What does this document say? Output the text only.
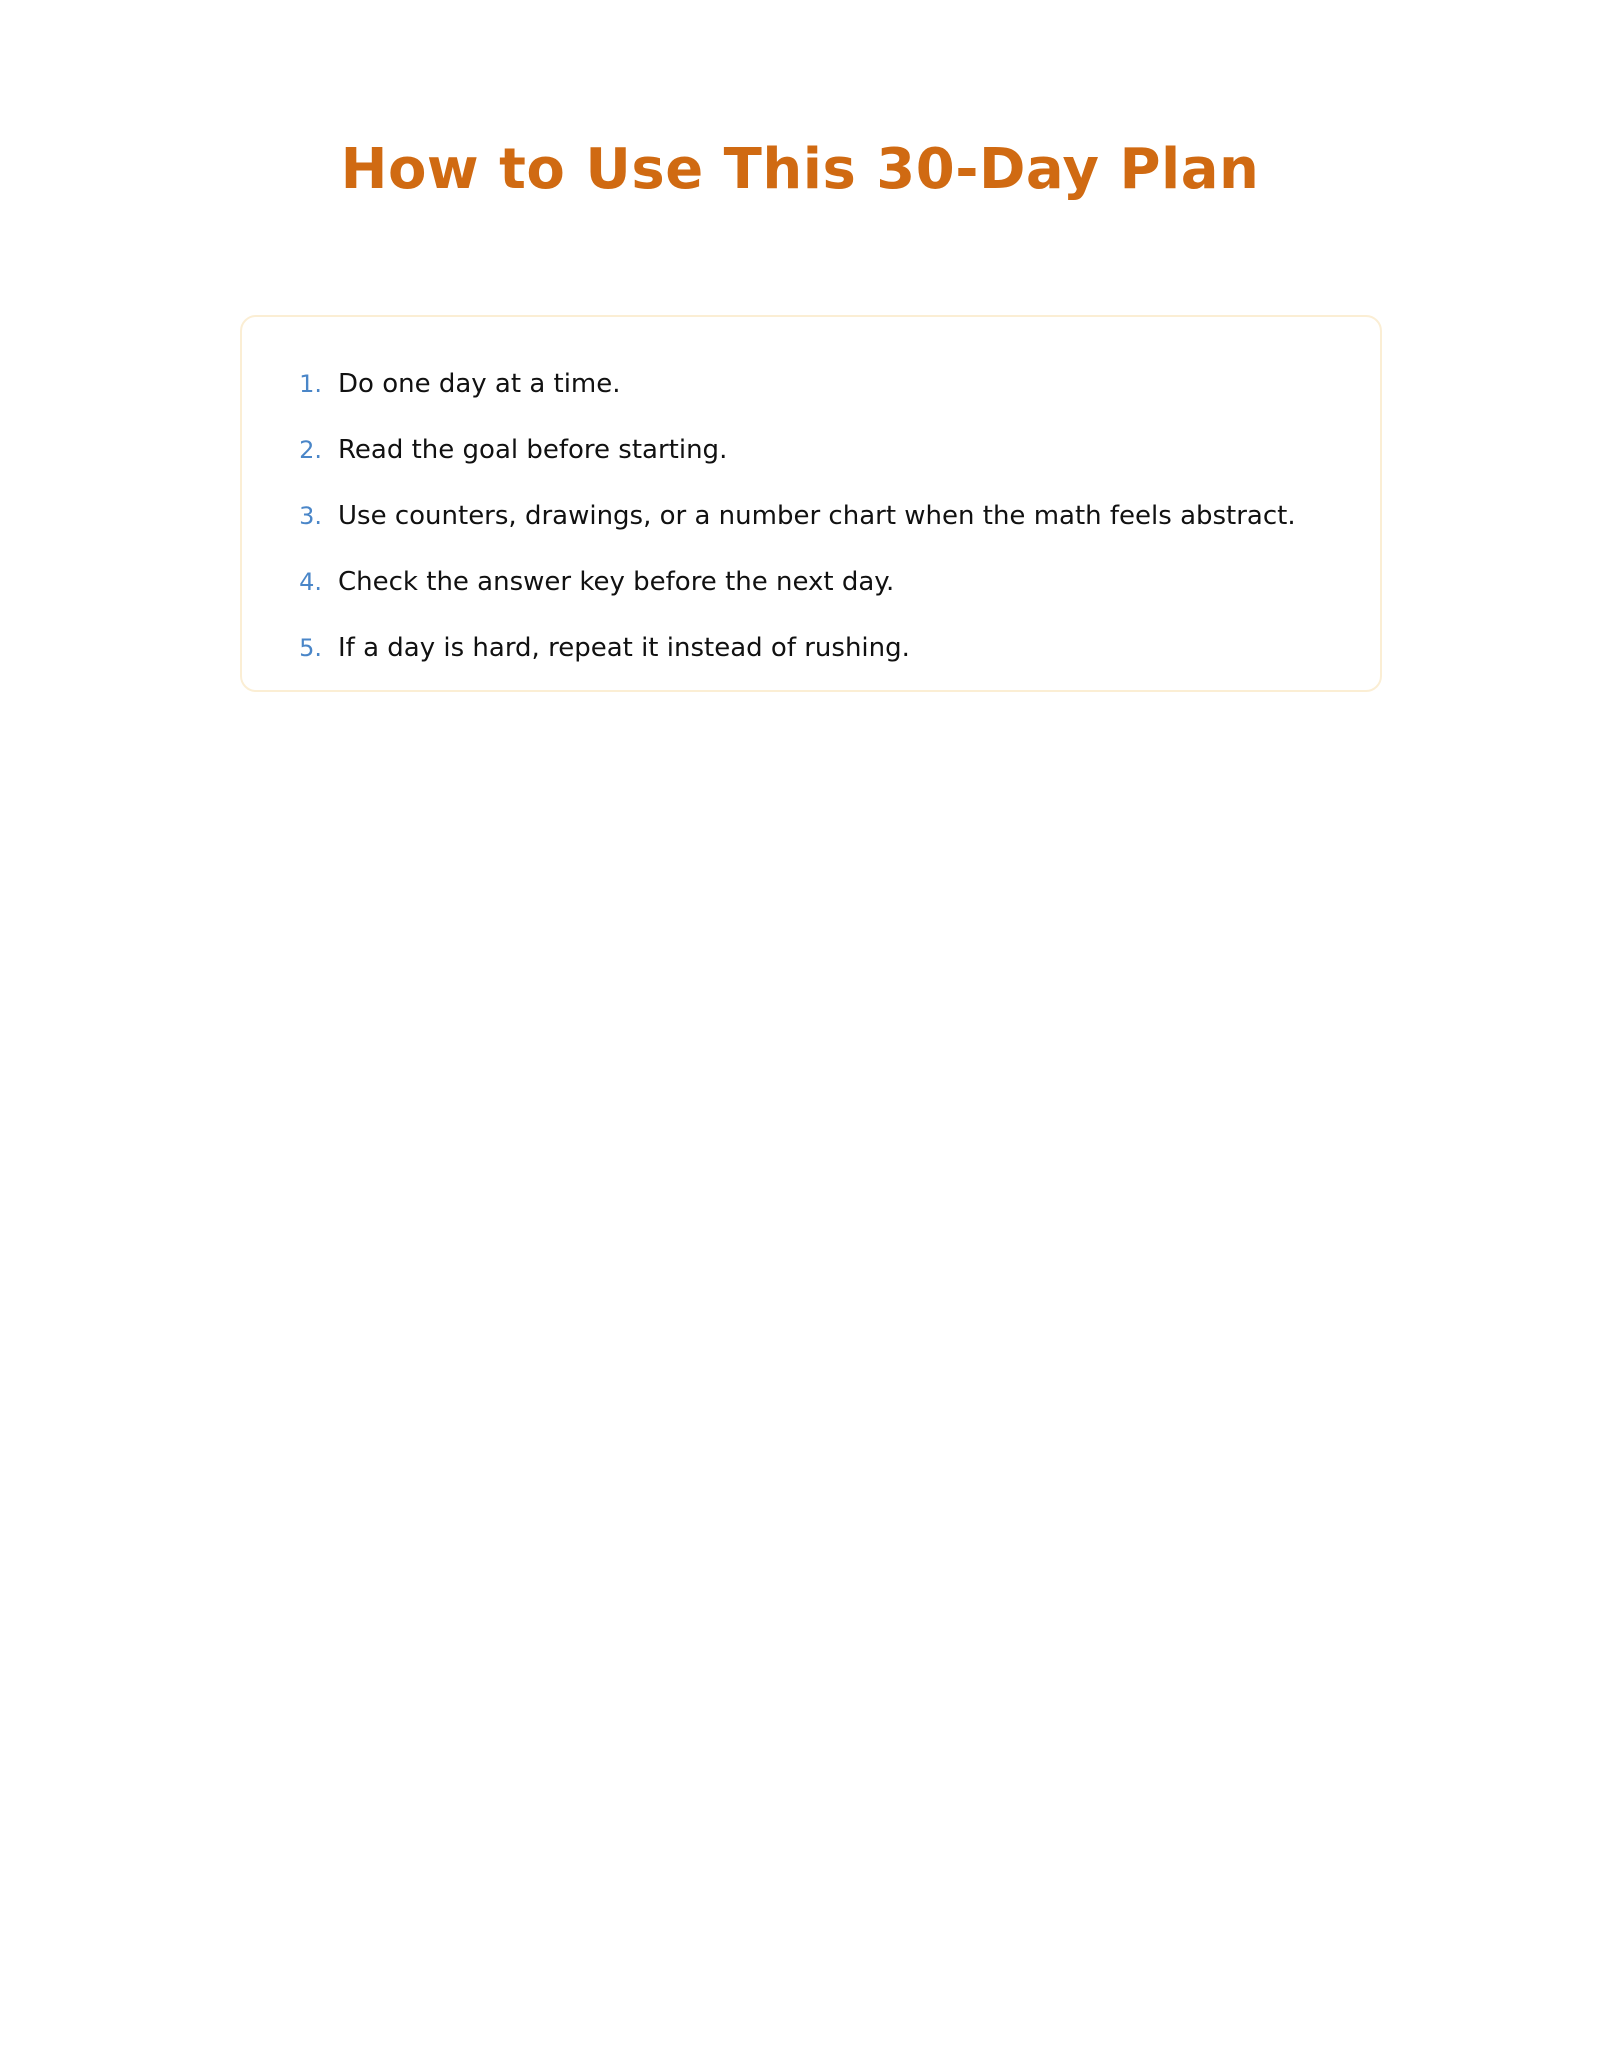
How to Use This 30-Day Plan
1. Do one day at a time.
2. Read the goal before starting.
3. Use counters, drawings, or a number chart when the math feels abstract.
4. Check the answer key before the next day.
5. If a day is hard, repeat it instead of rushing.
